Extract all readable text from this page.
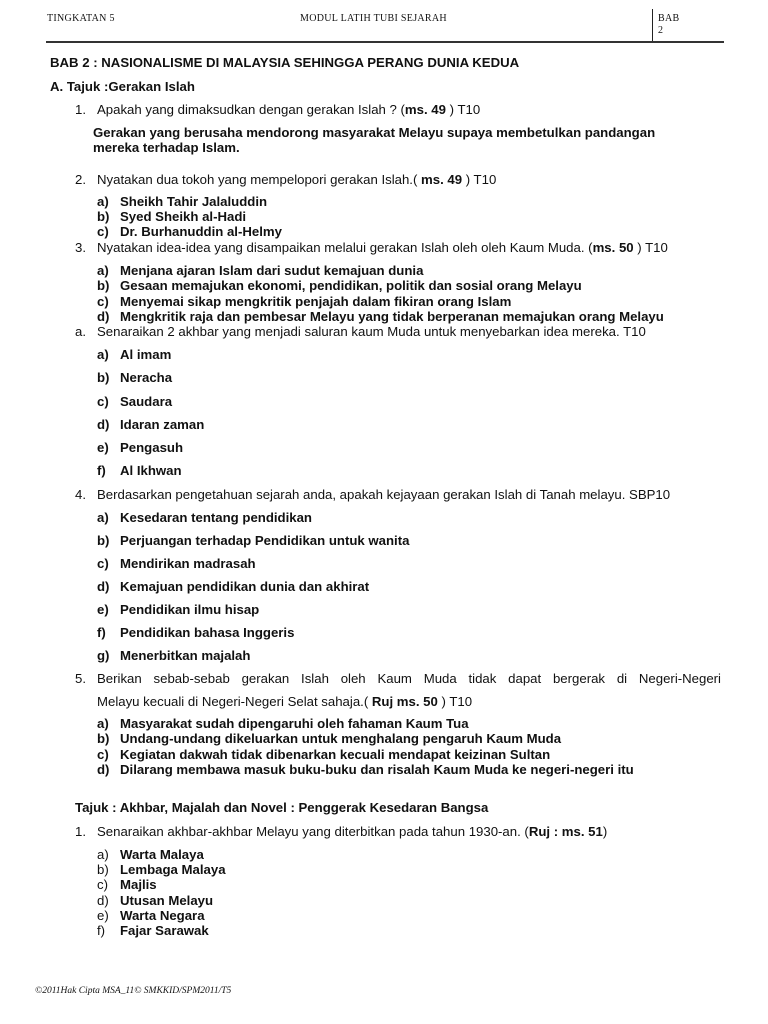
TINGKATAN 5	MODUL LATIH TUBI SEJARAH	BAB
2
BAB 2 : NASIONALISME DI MALAYSIA SEHINGGA PERANG DUNIA KEDUA
A. Tajuk :Gerakan Islah
1. Apakah yang dimaksudkan dengan gerakan Islah ? (ms. 49 ) T10
Gerakan yang berusaha mendorong masyarakat Melayu supaya membetulkan pandangan
mereka terhadap Islam.
2. Nyatakan dua tokoh yang mempelopori gerakan Islah.( ms. 49 ) T10
a) Sheikh Tahir Jalaluddin
b) Syed Sheikh al-Hadi
c) Dr. Burhanuddin al-Helmy
3. Nyatakan idea-idea yang disampaikan melalui gerakan Islah oleh oleh Kaum Muda. (ms. 50 ) T10
a) Menjana ajaran Islam dari sudut kemajuan dunia
b) Gesaan memajukan ekonomi, pendidikan, politik dan sosial orang Melayu
c) Menyemai sikap mengkritik penjajah dalam fikiran orang Islam
d) Mengkritik raja dan pembesar Melayu yang tidak berperanan memajukan orang Melayu
a. Senaraikan 2 akhbar yang menjadi saluran kaum Muda untuk menyebarkan idea mereka. T10
a) Al imam
b) Neracha
c) Saudara
d) Idaran zaman
e) Pengasuh
f) Al Ikhwan
4. Berdasarkan pengetahuan sejarah anda, apakah kejayaan gerakan Islah di Tanah melayu. SBP10
a) Kesedaran tentang pendidikan
b) Perjuangan terhadap Pendidikan untuk wanita
c) Mendirikan madrasah
d) Kemajuan pendidikan dunia dan akhirat
e) Pendidikan ilmu hisap
f) Pendidikan bahasa Inggeris
g) Menerbitkan majalah
5. Berikan sebab-sebab gerakan Islah oleh Kaum Muda tidak dapat bergerak di Negeri-Negeri
Melayu kecuali di Negeri-Negeri Selat sahaja.( Ruj ms. 50 ) T10
a) Masyarakat sudah dipengaruhi oleh fahaman Kaum Tua
b) Undang-undang dikeluarkan untuk menghalang pengaruh Kaum Muda
c) Kegiatan dakwah tidak dibenarkan kecuali mendapat keizinan Sultan
d) Dilarang membawa masuk buku-buku dan risalah Kaum Muda ke negeri-negeri itu
Tajuk : Akhbar, Majalah dan Novel : Penggerak Kesedaran Bangsa
1. Senaraikan akhbar-akhbar Melayu yang diterbitkan pada tahun 1930-an. (Ruj : ms. 51)
a) Warta Malaya
b) Lembaga Malaya
c) Majlis
d) Utusan Melayu
e) Warta Negara
f) Fajar Sarawak
©2011Hak Cipta MSA_11© SMKKID/SPM2011/T5
